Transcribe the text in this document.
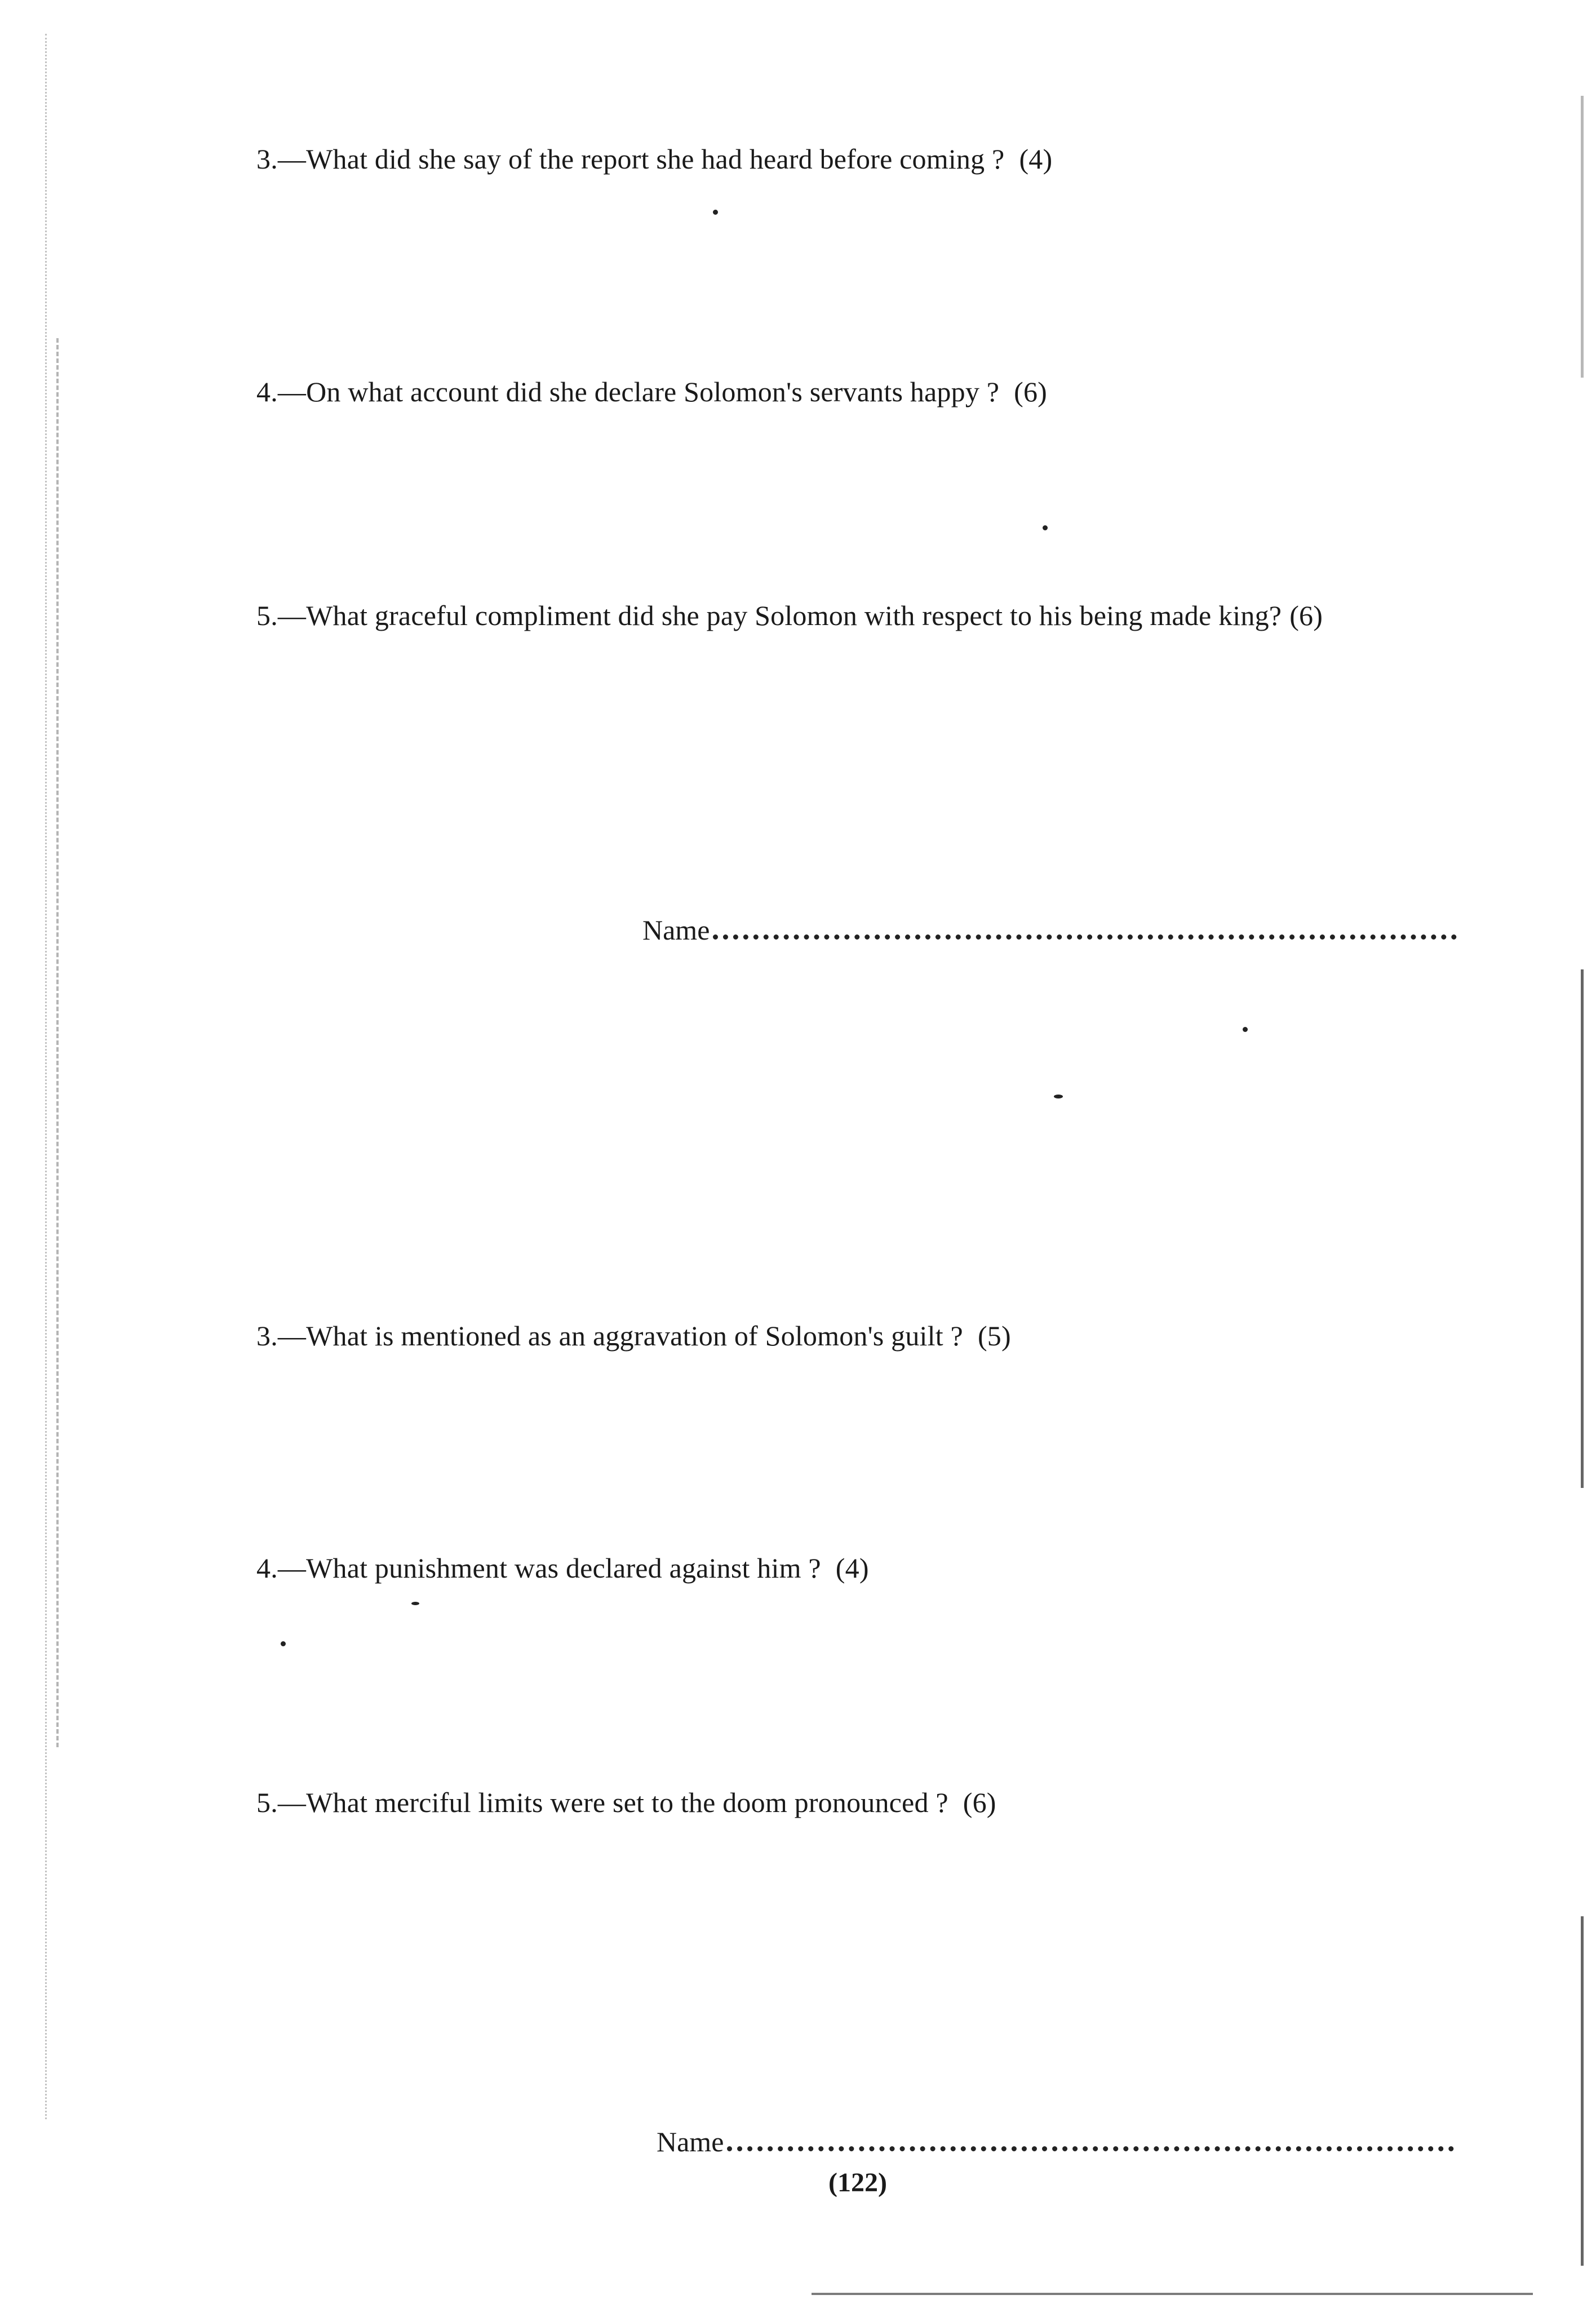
3.—What did she say of the report she had heard before coming ? (4)
4.—On what account did she declare Solomon's servants happy ? (6)
5.—What graceful compliment did she pay Solomon with respect to his being made king? (6)
Name
3.—What is mentioned as an aggravation of Solomon's guilt ? (5)
4.—What punishment was declared against him ? (4)
5.—What merciful limits were set to the doom pronounced ? (6)
Name
(122)
